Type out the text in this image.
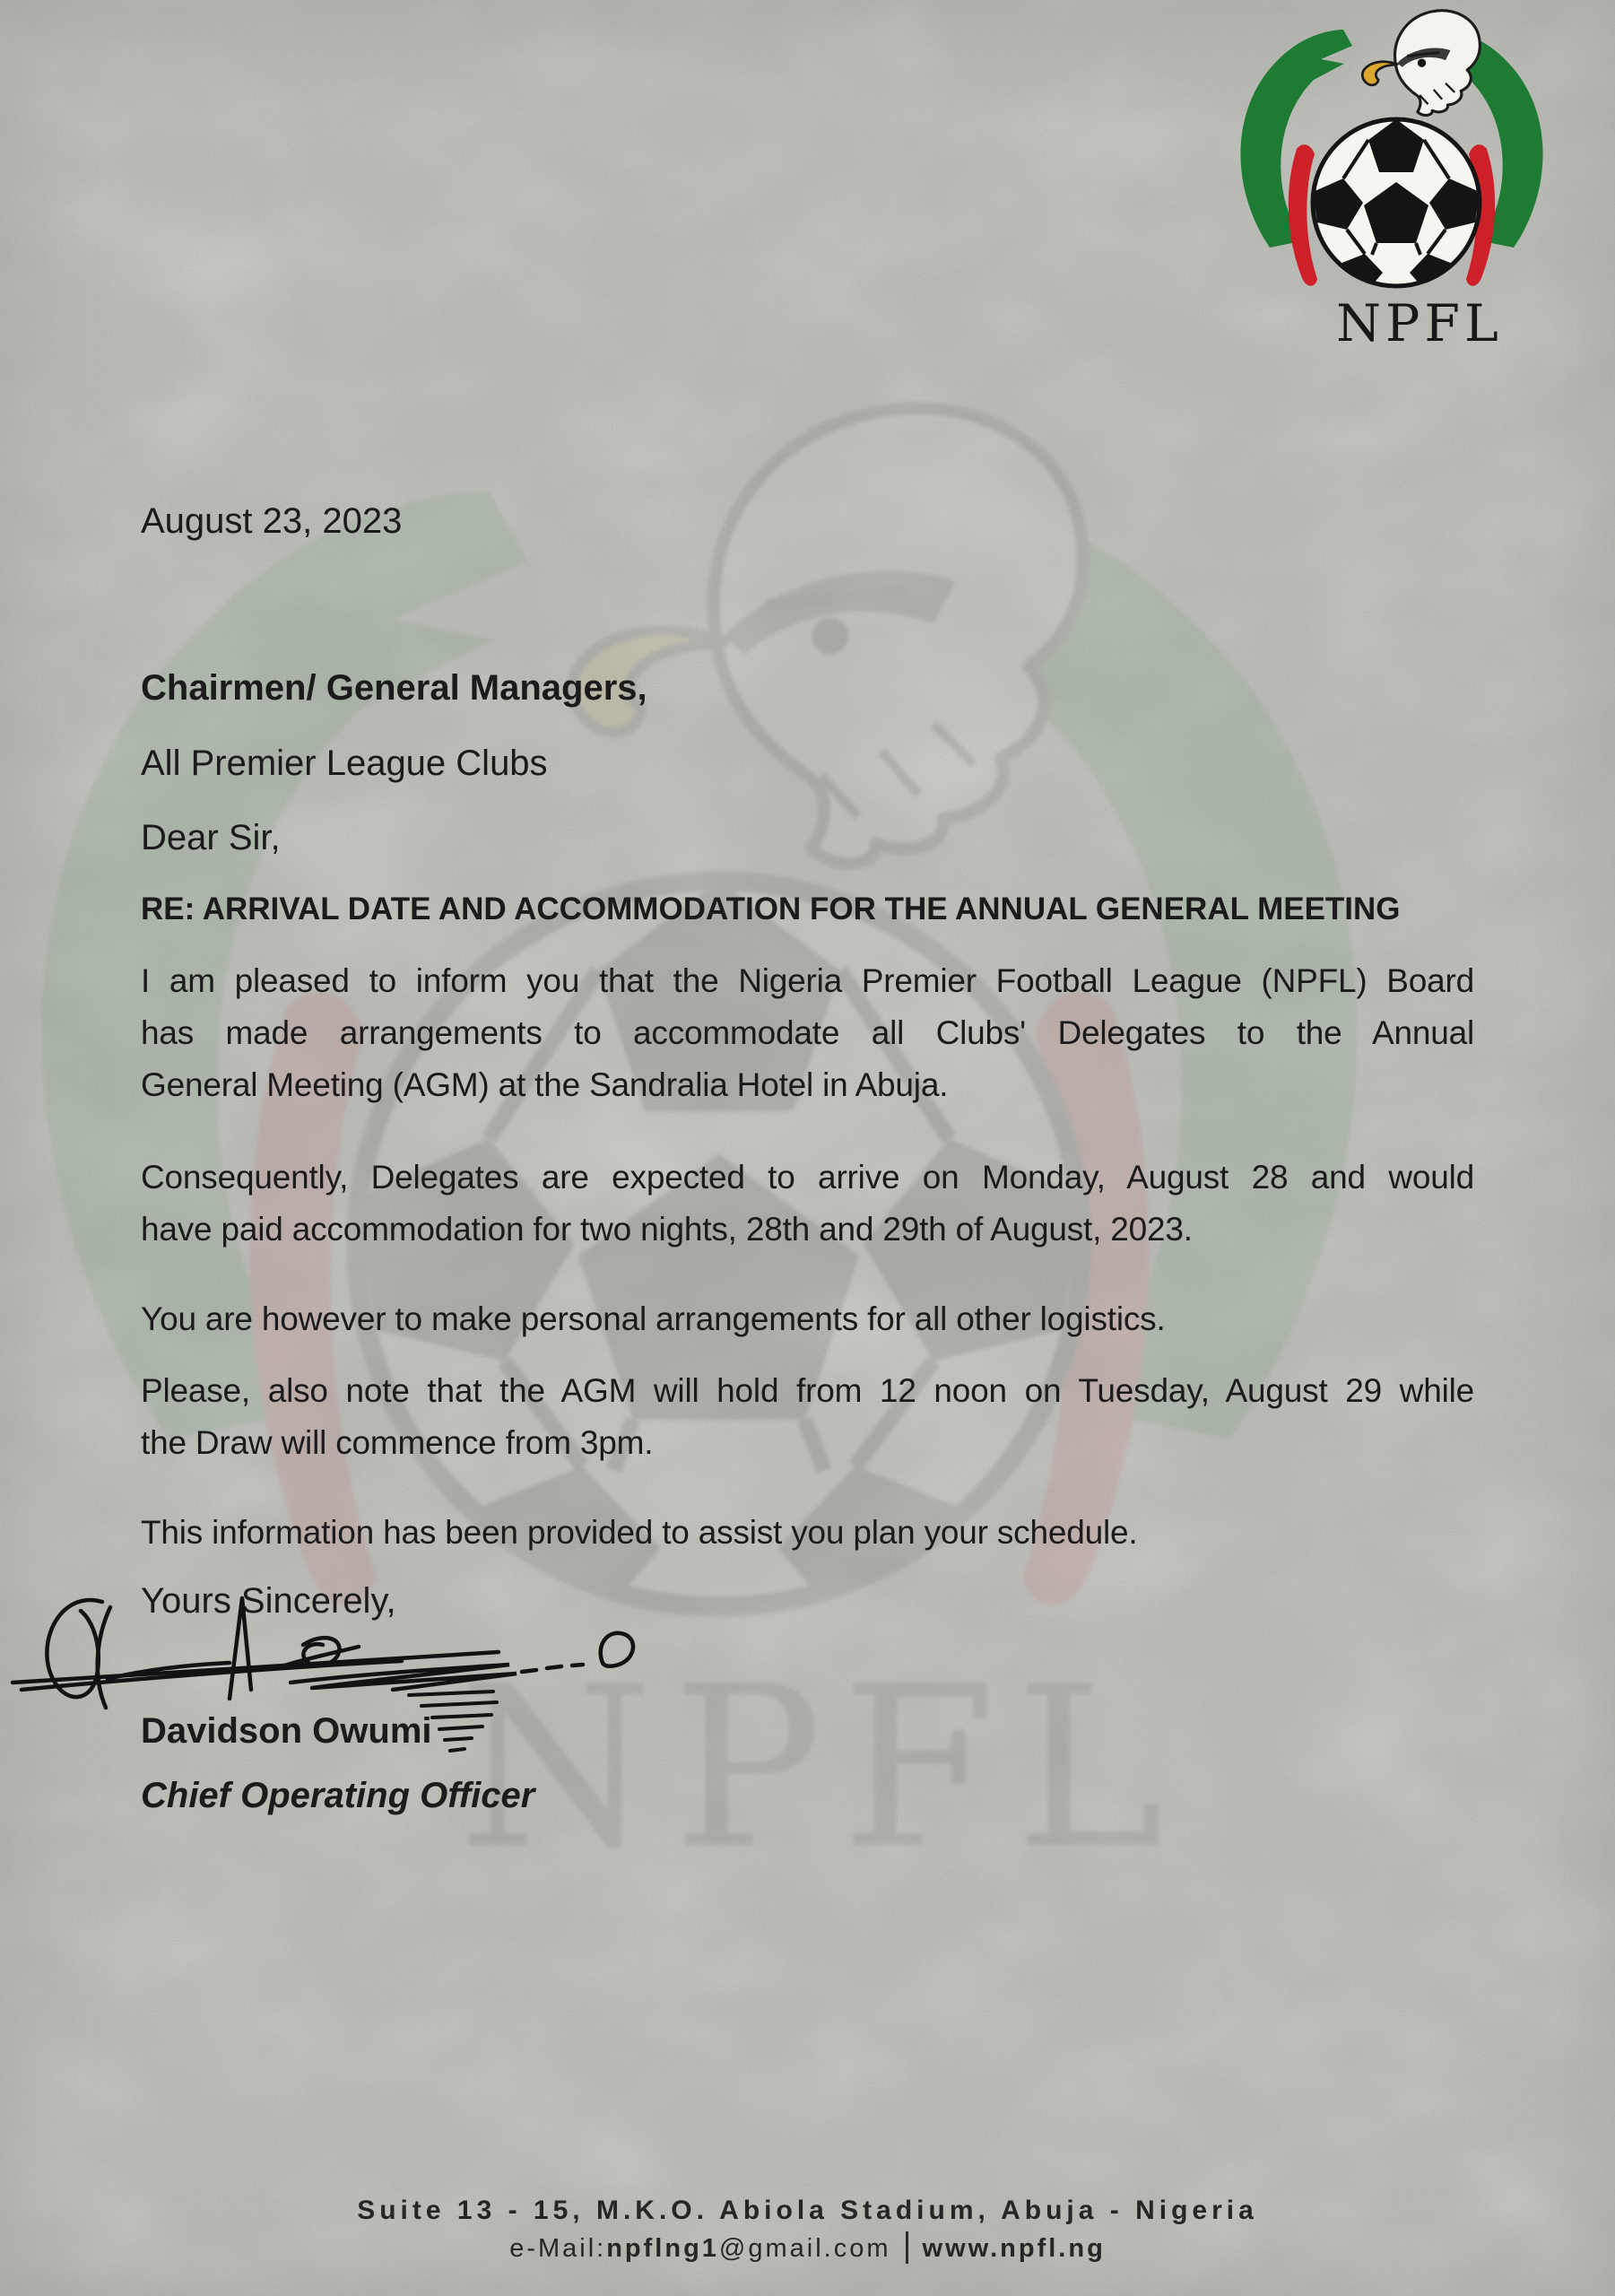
August 23, 2023
Chairmen/ General Managers,
All Premier League Clubs
Dear Sir,
RE: ARRIVAL DATE AND ACCOMMODATION FOR THE ANNUAL GENERAL MEETING
I am pleased to inform you that the Nigeria Premier Football League (NPFL) Board
has made arrangements to accommodate all Clubs' Delegates to the Annual
General Meeting (AGM) at the Sandralia Hotel in Abuja.
Consequently, Delegates are expected to arrive on Monday, August 28 and would
have paid accommodation for two nights, 28th and 29th of August, 2023.
You are however to make personal arrangements for all other logistics.
Please, also note that the AGM will hold from 12 noon on Tuesday, August 29 while
the Draw will commence from 3pm.
This information has been provided to assist you plan your schedule.
Yours Sincerely,
Davidson Owumi
Chief Operating Officer
Suite 13 - 15, M.K.O. Abiola Stadium, Abuja - Nigeria
e-Mail:npflng1@gmail.com www.npfl.ng
